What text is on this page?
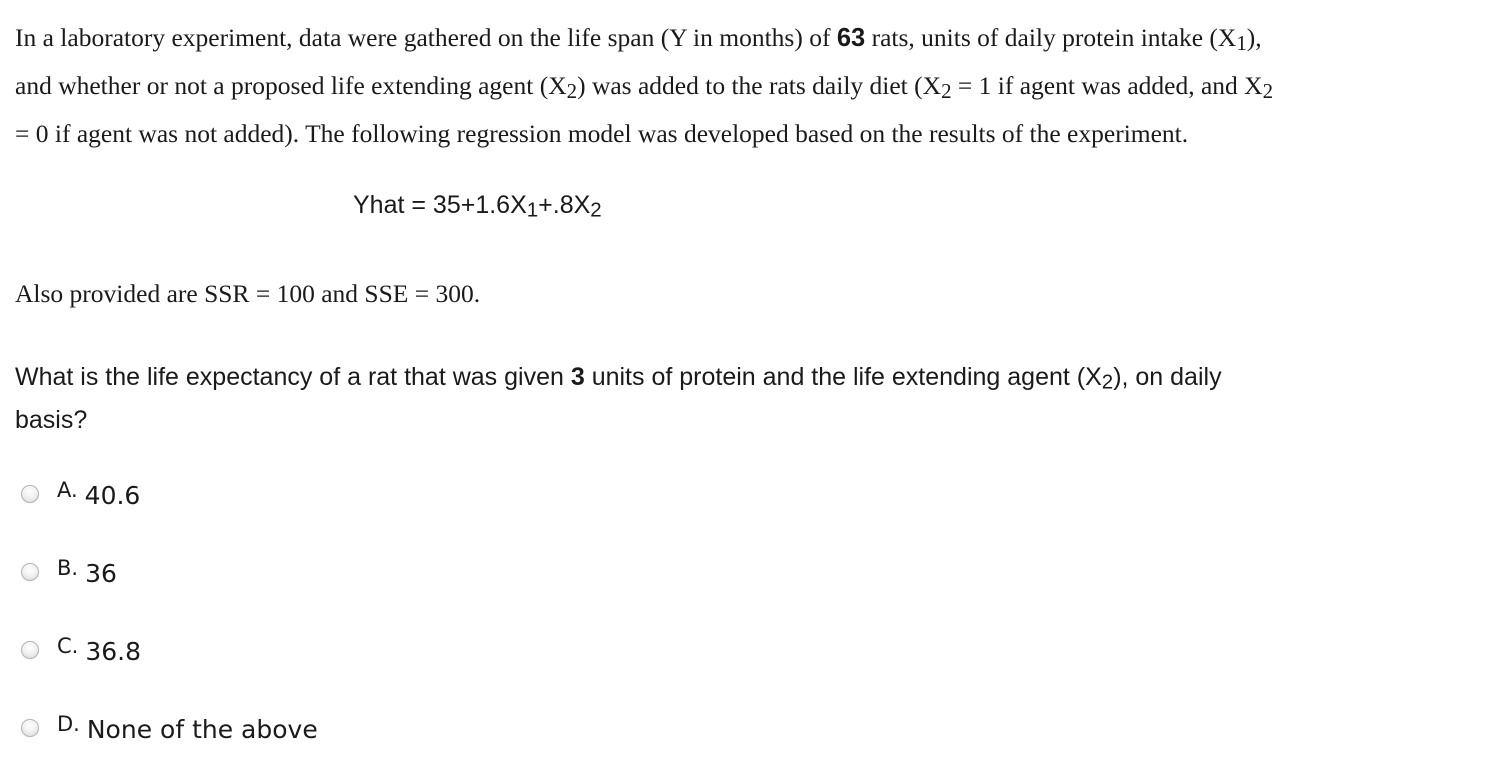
In a laboratory experiment, data were gathered on the life span (Y in months) of 63 rats, units of daily protein intake $(X_1)$,
and whether or not a proposed life extending agent $(X_2)$ was added to the rats daily diet ($X_2 = 1$ if agent was added, and $X_2$
= 0 if agent was not added). The following regression model was developed based on the results of the experiment.
Yhat = $35+1.6X_1+.8X_2$
Also provided are SSR = 100 and SSE = 300.
What is the life expectancy of a rat that was given 3 units of protein and the life extending agent $(X_2)$, on daily
basis?
A. 40.6
B. 36
C. 36.8
D. None of the above
